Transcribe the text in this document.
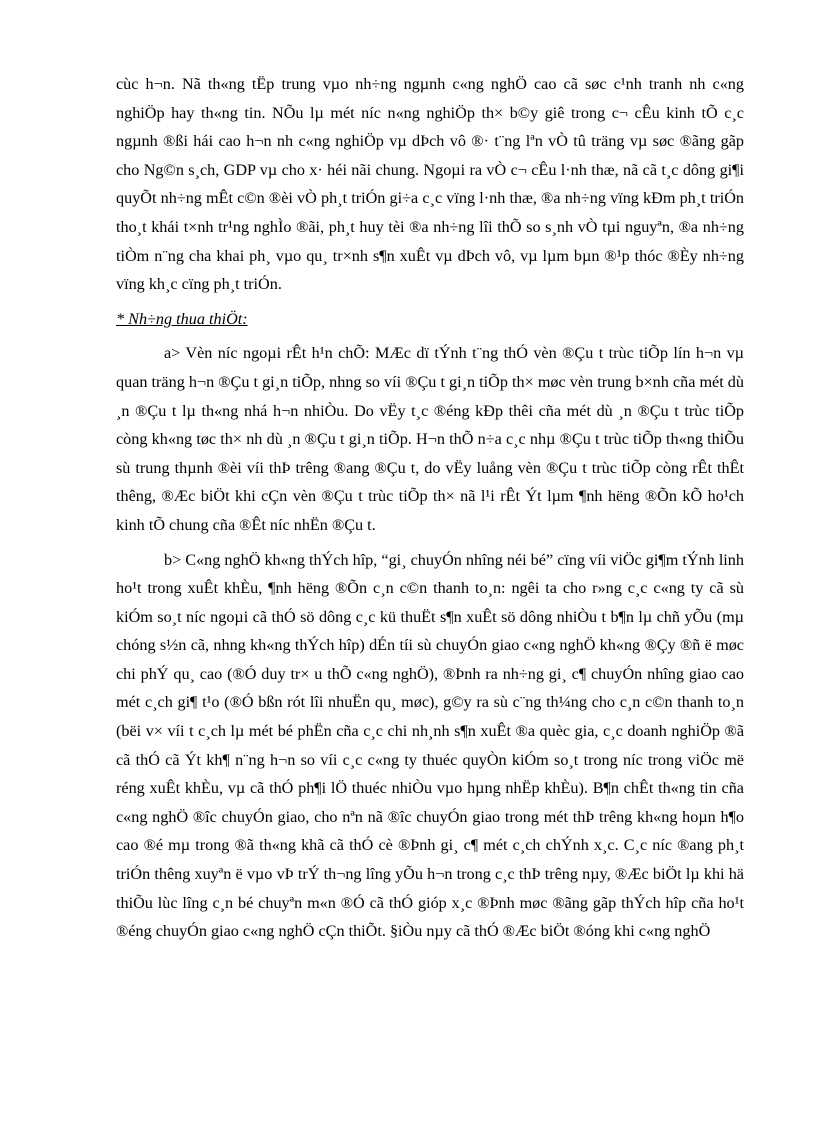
cùc h¬n. Nã th«ng tËp trung vµo nh÷ng ngµnh c«ng nghÖ cao cã søc c¹nh tranh nh c«ng nghiÖp hay th«ng tin. NÕu lµ mét níc n«ng nghiÖp th× b©y giê trong c¬ cÊu kinh tÕ c¸c ngµnh ®ßi hái cao h¬n nh c«ng nghiÖp vµ dÞch vô ®· t¨ng lªn vÒ tû träng vµ søc ®ãng gãp cho Ng©n s¸ch, GDP vµ cho x· héi nãi chung. Ngoµi ra vÒ c¬ cÊu l·nh thæ, nã cã t¸c dông gi¶i quyÕt nh÷ng mÊt c©n ®èi vÒ ph¸t triÓn gi÷a c¸c vïng l·nh thæ, ®a nh÷ng vïng kÐm ph¸t triÓn tho¸t khái t×nh tr¹ng nghÌo ®ãi, ph¸t huy tèi ®a nh÷ng lîi thÕ so s¸nh vÒ tµi nguyªn, ®a nh÷ng tiÒm n¨ng cha khai ph¸ vµo qu¸ tr×nh s¶n xuÊt vµ dÞch vô, vµ lµm bµn ®¹p thóc ®Èy nh÷ng vïng kh¸c cïng ph¸t triÓn.

* Nh÷ng thua thiÖt:

a> Vèn níc ngoµi rÊt h¹n chÕ: MÆc dï tÝnh t¨ng thÓ vèn ®Çu t trùc tiÕp lín h¬n vµ quan träng h¬n ®Çu t gi¸n tiÕp, nhng so víi ®Çu t gi¸n tiÕp th× møc vèn trung b×nh cña mét dù ¸n ®Çu t lµ th«ng nhá h¬n nhiÒu. Do vËy t¸c ®éng kÐp thêi cña mét dù ¸n ®Çu t trùc tiÕp còng kh«ng tøc th× nh dù ¸n ®Çu t gi¸n tiÕp. H¬n thÕ n÷a c¸c nhµ ®Çu t trùc tiÕp th«ng thiÕu sù trung thµnh ®èi víi thÞ trêng ®ang ®Çu t, do vËy luång vèn ®Çu t trùc tiÕp còng rÊt thÊt thêng, ®Æc biÖt khi cÇn vèn ®Çu t trùc tiÕp th× nã l¹i rÊt Ýt lµm ¶nh hëng ®Õn kÕ ho¹ch kinh tÕ chung cña ®Êt níc nhËn ®Çu t.

b> C«ng nghÖ kh«ng thÝch hîp, “gi¸ chuyÓn nhîng néi bé” cïng víi viÖc gi¶m tÝnh linh ho¹t trong xuÊt khÈu, ¶nh hëng ®Õn c¸n c©n thanh to¸n: ngêi ta cho r»ng c¸c c«ng ty cã sù kiÓm so¸t níc ngoµi cã thÓ sö dông c¸c kü thuËt s¶n xuÊt sö dông nhiÒu t b¶n lµ chñ yÕu (mµ chóng s½n cã, nhng kh«ng thÝch hîp) dÉn tíi sù chuyÓn giao c«ng nghÖ kh«ng ®Çy ®ñ ë møc chi phÝ qu¸ cao (®Ó duy tr× u thÕ c«ng nghÖ), ®Þnh ra nh÷ng gi¸ c¶ chuyÓn nhîng giao cao mét c¸ch gi¶ t¹o (®Ó bßn rót lîi nhuËn qu¸ møc), g©y ra sù c¨ng th¼ng cho c¸n c©n thanh to¸n (bëi v× víi t c¸ch lµ mét bé phËn cña c¸c chi nh¸nh s¶n xuÊt ®a quèc gia, c¸c doanh nghiÖp ®ã cã thÓ cã Ýt kh¶ n¨ng h¬n so víi c¸c c«ng ty thuéc quyÒn kiÓm so¸t trong níc trong viÖc më réng xuÊt khÈu, vµ cã thÓ ph¶i lÖ thuéc nhiÒu vµo hµng nhËp khÈu). B¶n chÊt th«ng tin cña c«ng nghÖ ®îc chuyÓn giao, cho nªn nã ®îc chuyÓn giao trong mét thÞ trêng kh«ng hoµn h¶o cao ®é mµ trong ®ã th«ng khã cã thÓ cè ®Þnh gi¸ c¶ mét c¸ch chÝnh x¸c. C¸c níc ®ang ph¸t triÓn thêng xuyªn ë vµo vÞ trÝ th¬ng lîng yÕu h¬n trong c¸c thÞ trêng nµy, ®Æc biÖt lµ khi hä thiÕu lùc lîng c¸n bé chuyªn m«n ®Ó cã thÓ gióp x¸c ®Þnh møc ®ãng gãp thÝch hîp cña ho¹t ®éng chuyÓn giao c«ng nghÖ cÇn thiÕt. §iÒu nµy cã thÓ ®Æc biÖt ®óng khi c«ng nghÖ
